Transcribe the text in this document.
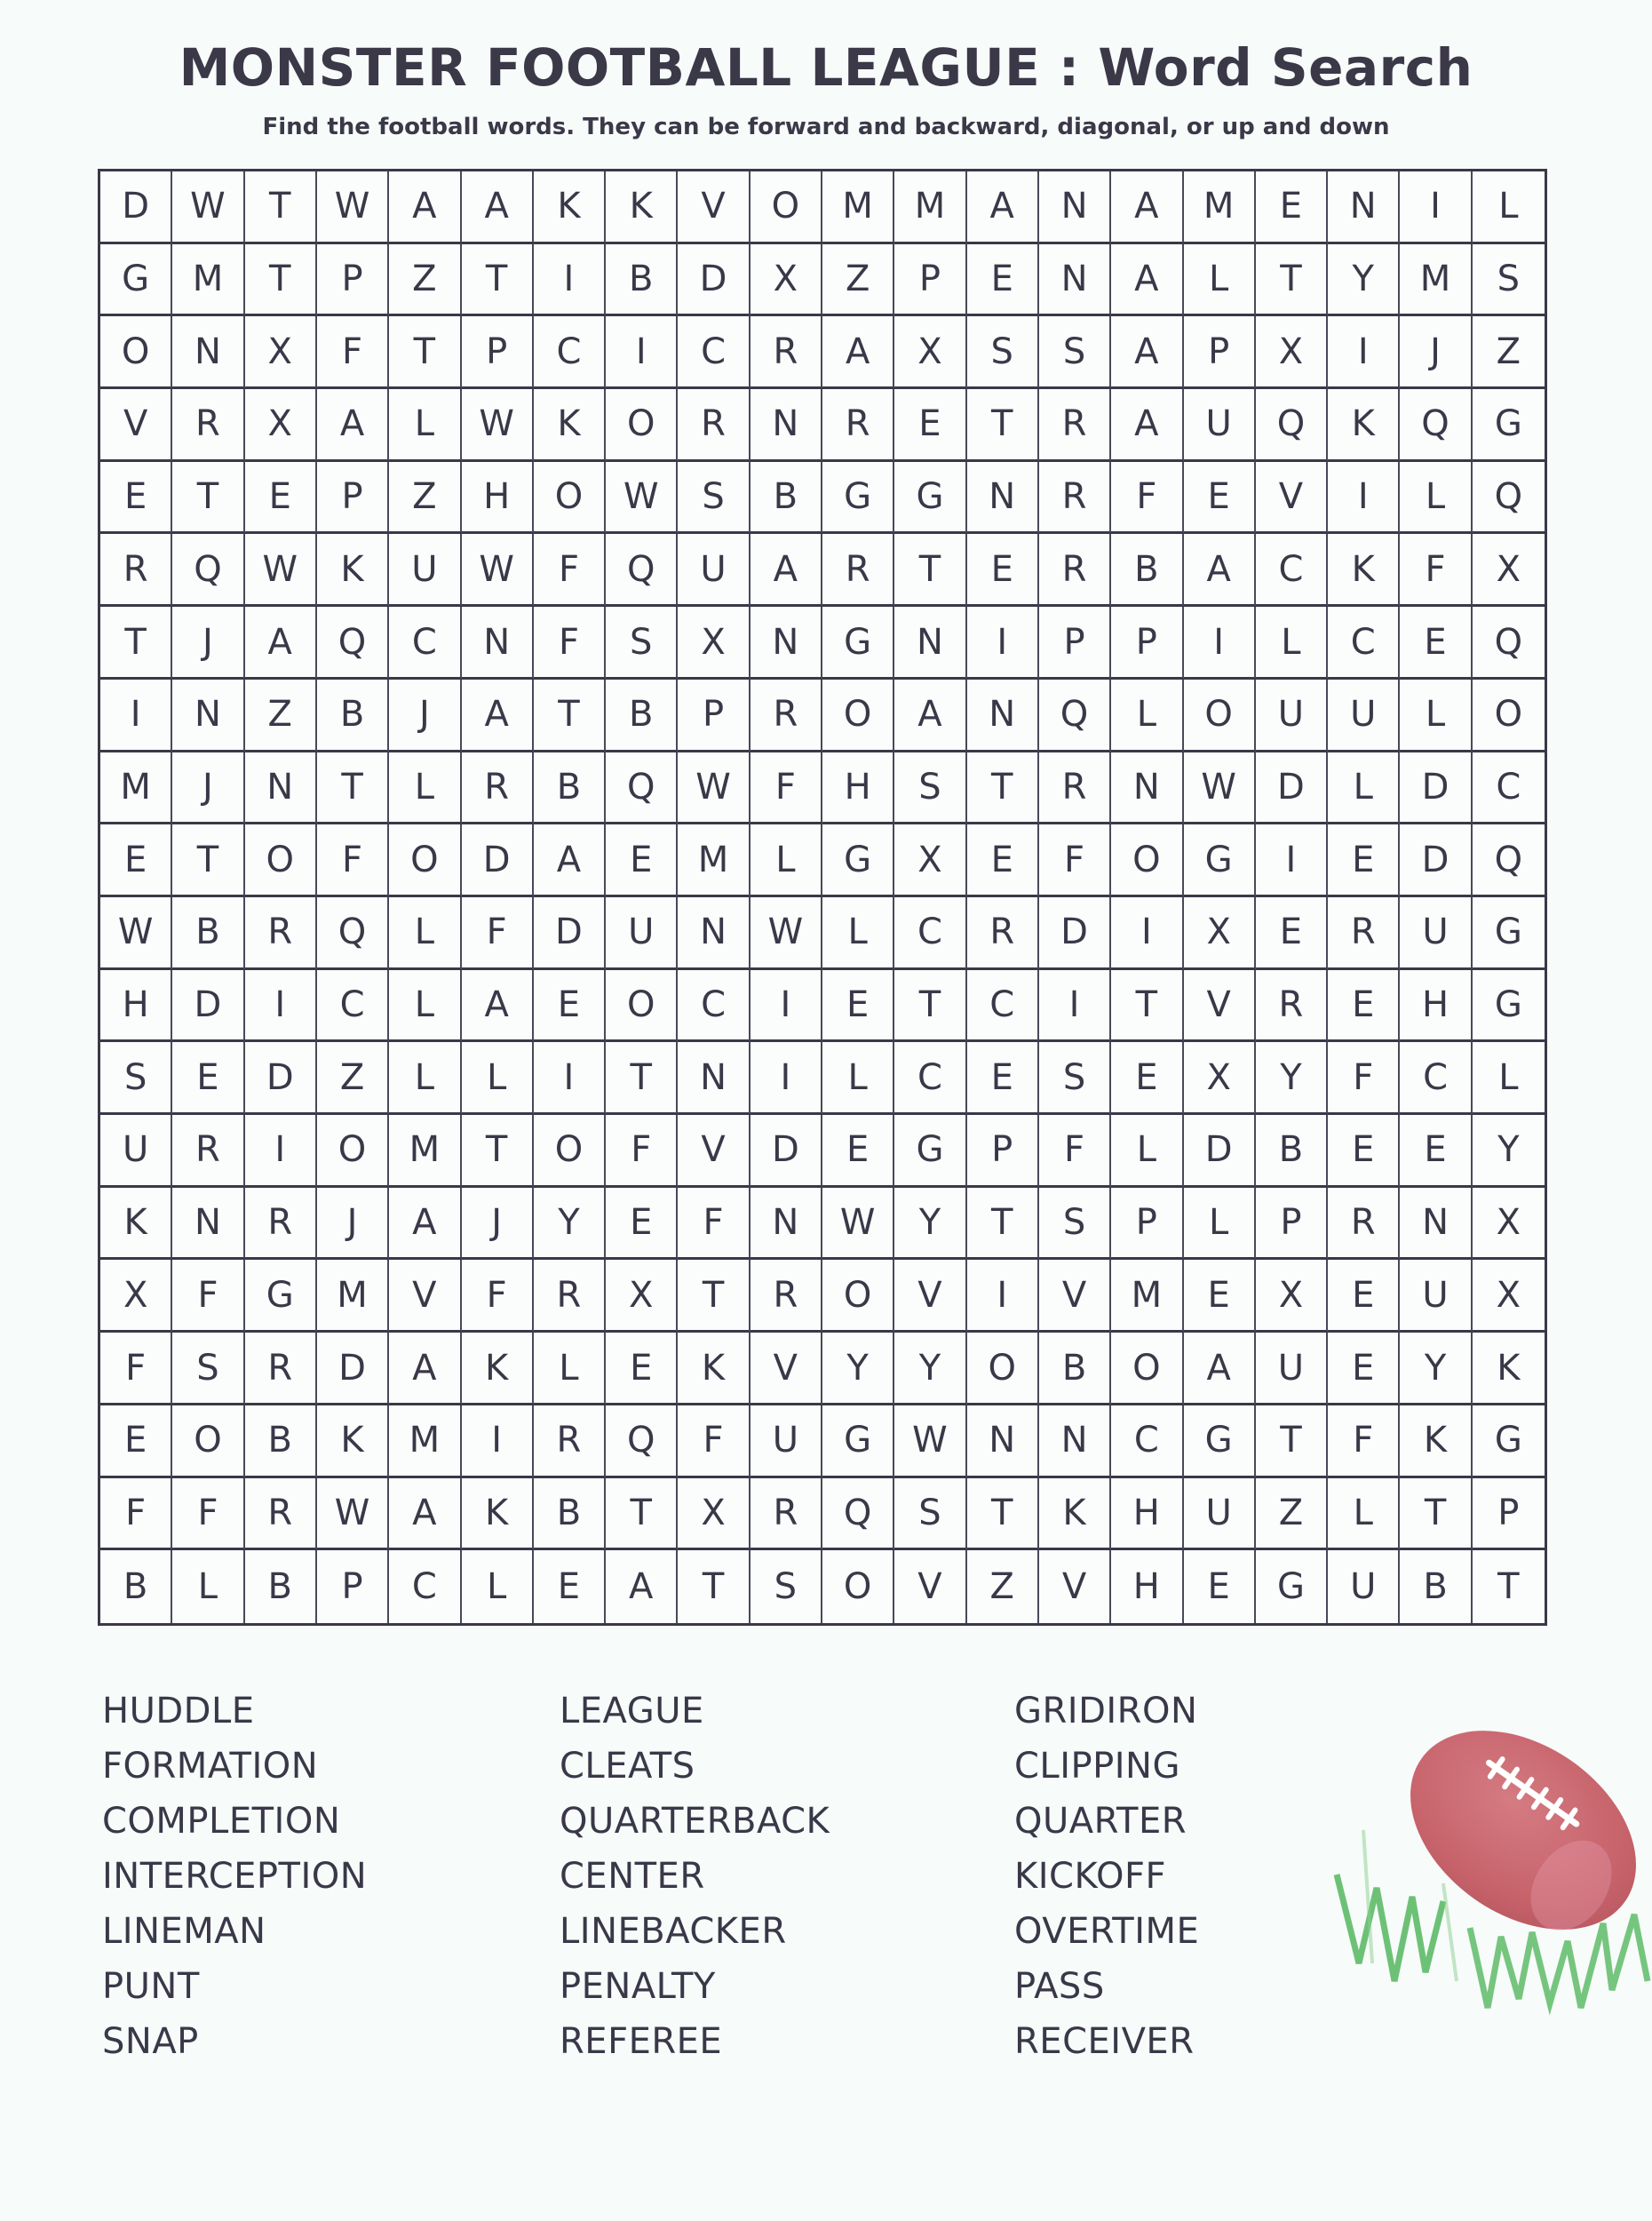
MONSTER FOOTBALL LEAGUE : Word Search
Find the football words. They can be forward and backward, diagonal, or up and down
D	W	T	W	A	A	K	K	V	O	M	M	A	N	A	M	E	N	I	L
G	M	T	P	Z	T	I	B	D	X	Z	P	E	N	A	L	T	Y	M	S
O	N	X	F	T	P	C	I	C	R	A	X	S	S	A	P	X	I	J	Z
V	R	X	A	L	W	K	O	R	N	R	E	T	R	A	U	Q	K	Q	G
E	T	E	P	Z	H	O	W	S	B	G	G	N	R	F	E	V	I	L	Q
R	Q	W	K	U	W	F	Q	U	A	R	T	E	R	B	A	C	K	F	X
T	J	A	Q	C	N	F	S	X	N	G	N	I	P	P	I	L	C	E	Q
I	N	Z	B	J	A	T	B	P	R	O	A	N	Q	L	O	U	U	L	O
M	J	N	T	L	R	B	Q	W	F	H	S	T	R	N	W	D	L	D	C
E	T	O	F	O	D	A	E	M	L	G	X	E	F	O	G	I	E	D	Q
W	B	R	Q	L	F	D	U	N	W	L	C	R	D	I	X	E	R	U	G
H	D	I	C	L	A	E	O	C	I	E	T	C	I	T	V	R	E	H	G
S	E	D	Z	L	L	I	T	N	I	L	C	E	S	E	X	Y	F	C	L
U	R	I	O	M	T	O	F	V	D	E	G	P	F	L	D	B	E	E	Y
K	N	R	J	A	J	Y	E	F	N	W	Y	T	S	P	L	P	R	N	X
X	F	G	M	V	F	R	X	T	R	O	V	I	V	M	E	X	E	U	X
F	S	R	D	A	K	L	E	K	V	Y	Y	O	B	O	A	U	E	Y	K
E	O	B	K	M	I	R	Q	F	U	G	W	N	N	C	G	T	F	K	G
F	F	R	W	A	K	B	T	X	R	Q	S	T	K	H	U	Z	L	T	P
B	L	B	P	C	L	E	A	T	S	O	V	Z	V	H	E	G	U	B	T
HUDDLE
FORMATION
COMPLETION
INTERCEPTION
LINEMAN
PUNT
SNAP
LEAGUE
CLEATS
QUARTERBACK
CENTER
LINEBACKER
PENALTY
REFEREE
GRIDIRON
CLIPPING
QUARTER
KICKOFF
OVERTIME
PASS
RECEIVER
